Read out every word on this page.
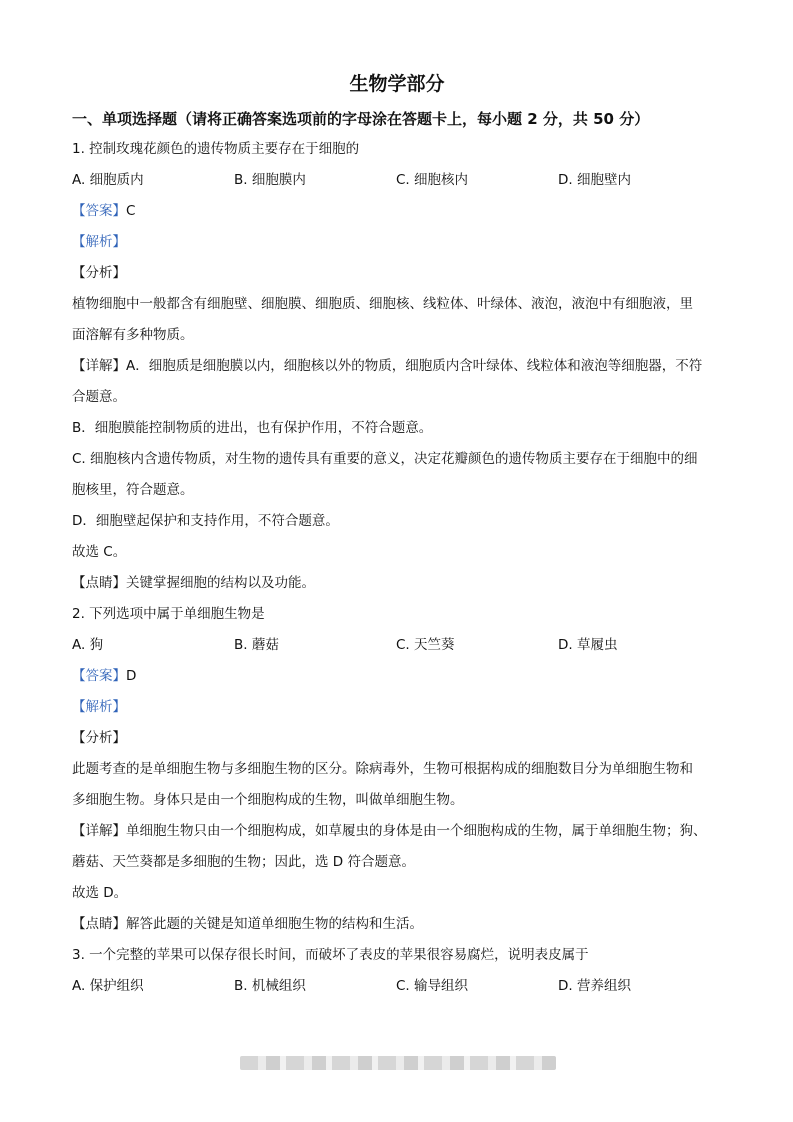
生物学部分
一、单项选择题（请将正确答案选项前的字母涂在答题卡上，每小题 2 分，共 50 分）
1. 控制玫瑰花颜色的遗传物质主要存在于细胞的
A. 细胞质内	B. 细胞膜内	C. 细胞核内	D. 细胞壁内
【答案】C
【解析】
【分析】
植物细胞中一般都含有细胞壁、细胞膜、细胞质、细胞核、线粒体、叶绿体、液泡，液泡中有细胞液，里
面溶解有多种物质。
【详解】A．细胞质是细胞膜以内，细胞核以外的物质，细胞质内含叶绿体、线粒体和液泡等细胞器，不符
合题意。
B．细胞膜能控制物质的进出，也有保护作用，不符合题意。
C. 细胞核内含遗传物质，对生物的遗传具有重要的意义，决定花瓣颜色的遗传物质主要存在于细胞中的细
胞核里，符合题意。
D．细胞壁起保护和支持作用，不符合题意。
故选 C。
【点睛】关键掌握细胞的结构以及功能。
2. 下列选项中属于单细胞生物是
A. 狗	B. 蘑菇	C. 天竺葵	D. 草履虫
【答案】D
【解析】
【分析】
此题考查的是单细胞生物与多细胞生物的区分。除病毒外，生物可根据构成的细胞数目分为单细胞生物和
多细胞生物。身体只是由一个细胞构成的生物，叫做单细胞生物。
【详解】单细胞生物只由一个细胞构成，如草履虫的身体是由一个细胞构成的生物，属于单细胞生物；狗、
蘑菇、天竺葵都是多细胞的生物；因此，选 D 符合题意。
故选 D。
【点睛】解答此题的关键是知道单细胞生物的结构和生活。
3. 一个完整的苹果可以保存很长时间，而破坏了表皮的苹果很容易腐烂，说明表皮属于
A. 保护组织	B. 机械组织	C. 输导组织	D. 营养组织
